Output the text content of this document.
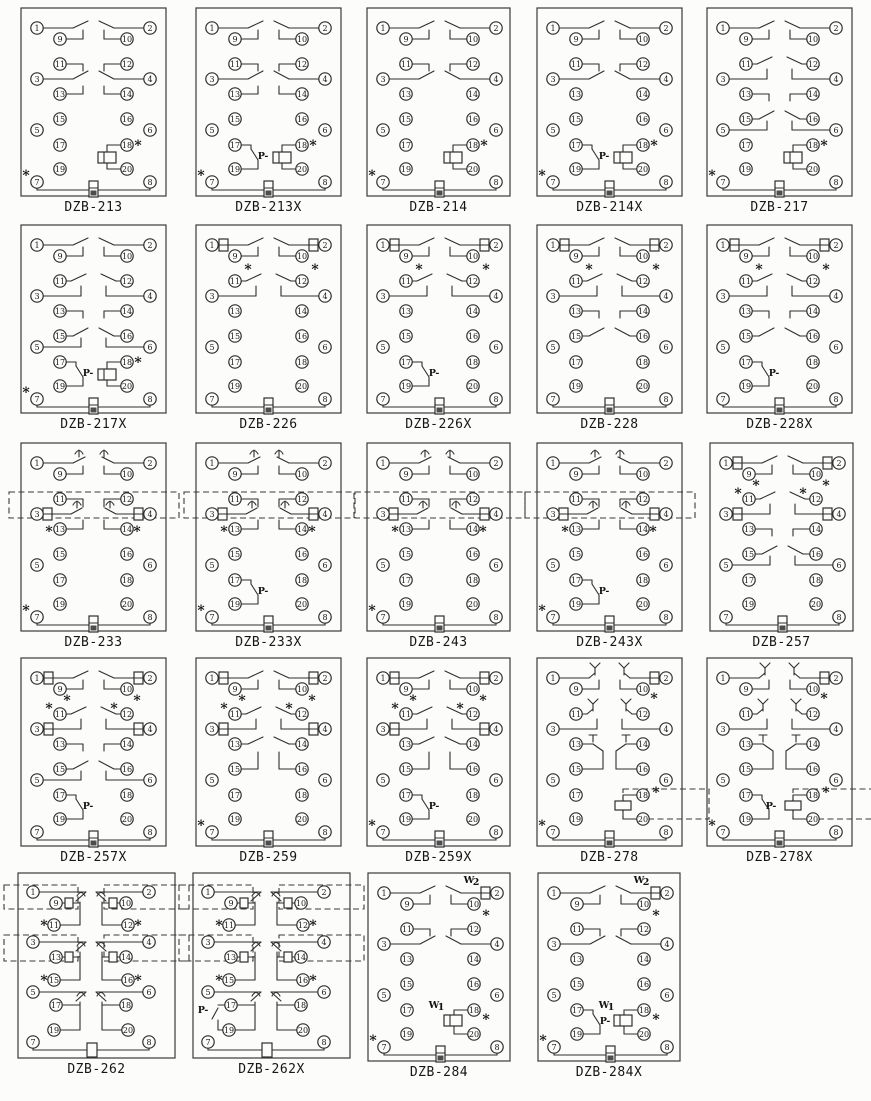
1
9
11
3
13
15
5
17
19
7
2
10
12
4
14
16
6
18
20
8
*
*
DZB-213
1
9
11
3
13
15
5
17
19
7
2
10
12
4
14
16
6
18
20
8
*
*
P-
DZB-213X
1
9
11
3
13
15
5
17
19
7
2
10
12
4
14
16
6
18
20
8
*
*
DZB-214
1
9
11
3
13
15
5
17
19
7
2
10
12
4
14
16
6
18
20
8
*
*
P-
DZB-214X
1
9
11
3
13
15
5
17
19
7
2
10
12
4
14
16
6
18
20
8
*
*
DZB-217
1
9
11
3
13
15
5
17
19
7
2
10
12
4
14
16
6
18
20
8
*
*
P-
DZB-217X
1
9
11
3
13
15
5
17
19
7
2
10
12
4
14
16
6
18
20
8
*	*
DZB-226
1
9
11
3
13
15
5
17
19
7
2
10
12
4
14
16
6
18
20
8
*	*
P-
DZB-226X
1
9
11
3
13
15
5
17
19
7
2
10
12
4
14
16
6
18
20
8
*	*
DZB-228
1
9
11
3
13
15
5
17
19
7
2
10
12
4
14
16
6
18
20
8
*	*
P-
DZB-228X
1
9
11
3
13
15
5
17
19
7
2
10
12
4
14
16
6
18
20
8
*	*
*
DZB-233
1
9
11
3
13
15
5
17
19
7
2
10
12
4
14
16
6
18
20
8
*	*
*
P-
DZB-233X
1
9
11
3
13
15
5
17
19
7
2
10
12
4
14
16
6
18
20
8
*	*
*
DZB-243
1
9
11
3
13
15
5
17
19
7
2
10
12
4
14
16
6
18
20
8
*	*
*
P-
DZB-243X
1
9
11
3
13
15
5
17
19
7
2
10
12
4
14
16
6
18
20
8
*	*
*	*
DZB-257
1
9
11
3
13
15
5
17
19
7
2
10
12
4
14
16
6
18
20
8
*	*
*	*
P-
DZB-257X
1
9
11
3
13
15
5
17
19
7
2
10
12
4
14
16
6
18
20
8
*	*
*	*
*
DZB-259
1
9
11
3
13
15
5
17
19
7
2
10
12
4
14
16
6
18
20
8
*	*
*	*
*
P-
DZB-259X
1
9
11
3
13
15
5
17
19
7
2
10
12
4
14
16
6
18
20
8
*
*
*
DZB-278
1
9
11
3
13
15
5
17
19
7
2
10
12
4
14
16
6
18
20
8
*
*
*
P-
DZB-278X
1
9
11
3
13
15
5
17
19
7
2
10
12
4
14
16
6
18
20
8
*	*
*	*
DZB-262
1
9
11
3
13
15
5
17
19
7
2
10
12
4
14
16
6
18
20
8
*	*
*	*
P-
DZB-262X
1
9
11
3
13
15
5
17
19
7
2
10
12
4
14
16
6
18
20
8
*
*
*
W
2
W
1
DZB-284
1
9
11
3
13
15
5
17
19
7
2
10
12
4
14
16
6
18
20
8
*
*
*
W
2
W
1
P-
DZB-284X
